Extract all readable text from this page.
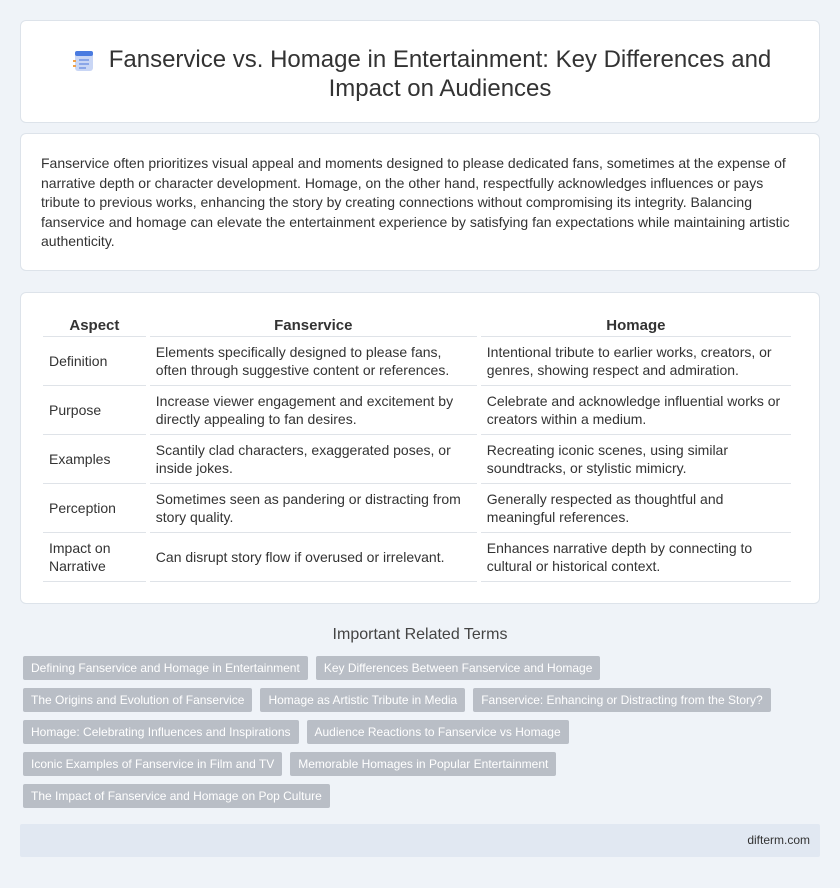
Fanservice vs. Homage in Entertainment: Key Differences and Impact on Audiences

Fanservice often prioritizes visual appeal and moments designed to please dedicated fans, sometimes at the expense of narrative depth or character development. Homage, on the other hand, respectfully acknowledges influences or pays tribute to previous works, enhancing the story by creating connections without compromising its integrity. Balancing fanservice and homage can elevate the entertainment experience by satisfying fan expectations while maintaining artistic authenticity.

Aspect	Fanservice	Homage
Definition	Elements specifically designed to please fans, often through suggestive content or references.	Intentional tribute to earlier works, creators, or genres, showing respect and admiration.
Purpose	Increase viewer engagement and excitement by directly appealing to fan desires.	Celebrate and acknowledge influential works or creators within a medium.
Examples	Scantily clad characters, exaggerated poses, or inside jokes.	Recreating iconic scenes, using similar soundtracks, or stylistic mimicry.
Perception	Sometimes seen as pandering or distracting from story quality.	Generally respected as thoughtful and meaningful references.
Impact on Narrative	Can disrupt story flow if overused or irrelevant.	Enhances narrative depth by connecting to cultural or historical context.
Important Related Terms
Defining Fanservice and Homage in Entertainment	Key Differences Between Fanservice and Homage
The Origins and Evolution of Fanservice	Homage as Artistic Tribute in Media	Fanservice: Enhancing or Distracting from the Story?
Homage: Celebrating Influences and Inspirations	Audience Reactions to Fanservice vs Homage
Iconic Examples of Fanservice in Film and TV	Memorable Homages in Popular Entertainment
The Impact of Fanservice and Homage on Pop Culture
difterm.com
